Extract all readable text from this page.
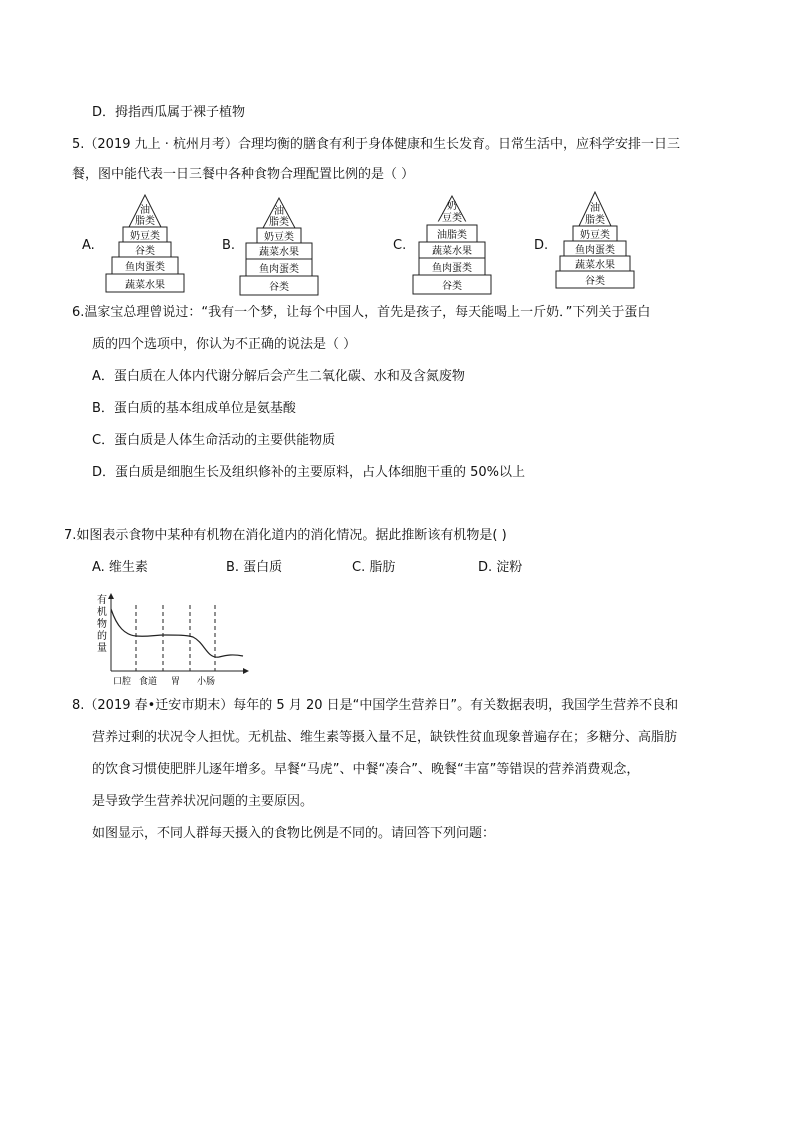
D．拇指西瓜属于裸子植物
5.（2019 九上 · 杭州月考）合理均衡的膳食有利于身体健康和生长发育。日常生活中，应科学安排一日三
餐，图中能代表一日三餐中各种食物合理配置比例的是（ ）
A.
油
脂类
奶豆类
谷类
鱼肉蛋类
蔬菜水果
B.
油
脂类
奶豆类
蔬菜水果
鱼肉蛋类
谷类
C.
奶
豆类
油脂类
蔬菜水果
鱼肉蛋类
谷类
D.
油
脂类
奶豆类
鱼肉蛋类
蔬菜水果
谷类
6.温家宝总理曾说过：“我有一个梦，让每个中国人，首先是孩子，每天能喝上一斤奶．”下列关于蛋白
质的四个选项中，你认为不正确的说法是（ ）
A．蛋白质在人体内代谢分解后会产生二氧化碳、水和及含氮废物
B．蛋白质的基本组成单位是氨基酸
C．蛋白质是人体生命活动的主要供能物质
D．蛋白质是细胞生长及组织修补的主要原料，占人体细胞干重的 50%以上
7.如图表示食物中某种有机物在消化道内的消化情况。据此推断该有机物是( )
A. 维生素	B. 蛋白质	C. 脂肪	D. 淀粉
有
机
物
的
量
口腔 食道 胃 小肠
8.（2019 春•迁安市期末）每年的 5 月 20 日是“中国学生营养日”。有关数据表明，我国学生营养不良和
营养过剩的状况令人担忧。无机盐、维生素等摄入量不足，缺铁性贫血现象普遍存在；多糖分、高脂肪
的饮食习惯使肥胖儿逐年增多。早餐“马虎”、中餐“凑合”、晚餐“丰富”等错误的营养消费观念，
是导致学生营养状况问题的主要原因。
如图显示，不同人群每天摄入的食物比例是不同的。请回答下列问题：
